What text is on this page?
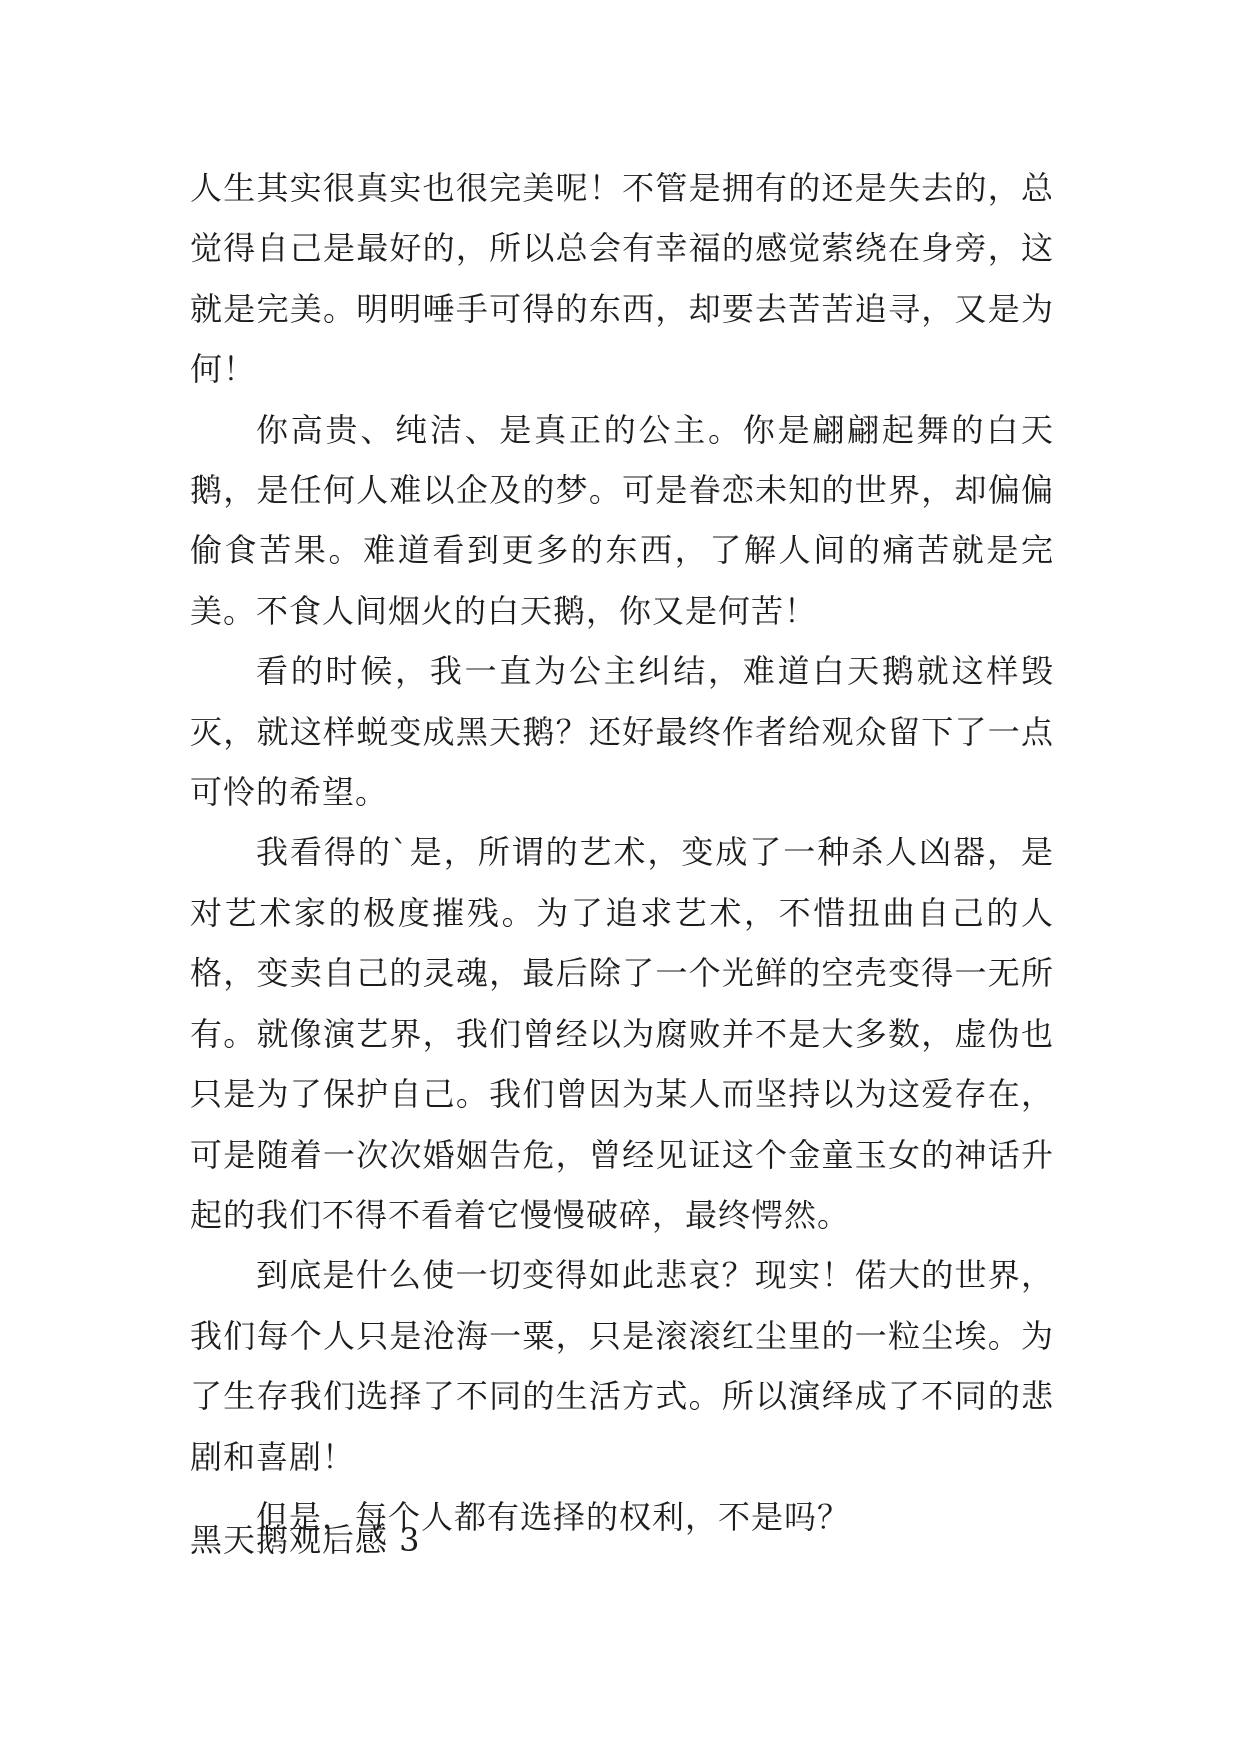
人生其实很真实也很完美呢！不管是拥有的还是失去的，总觉得自己是最好的，所以总会有幸福的感觉萦绕在身旁，这就是完美。明明唾手可得的东西，却要去苦苦追寻，又是为何！

你高贵、纯洁、是真正的公主。你是翩翩起舞的白天鹅，是任何人难以企及的梦。可是眷恋未知的世界，却偏偏偷食苦果。难道看到更多的东西，了解人间的痛苦就是完美。不食人间烟火的白天鹅，你又是何苦！

看的时候，我一直为公主纠结，难道白天鹅就这样毁灭，就这样蜕变成黑天鹅？还好最终作者给观众留下了一点可怜的希望。

我看得的`是，所谓的艺术，变成了一种杀人凶器，是对艺术家的极度摧残。为了追求艺术，不惜扭曲自己的人格，变卖自己的灵魂，最后除了一个光鲜的空壳变得一无所有。就像演艺界，我们曾经以为腐败并不是大多数，虚伪也只是为了保护自己。我们曾因为某人而坚持以为这爱存在，可是随着一次次婚姻告危，曾经见证这个金童玉女的神话升起的我们不得不看着它慢慢破碎，最终愕然。

到底是什么使一切变得如此悲哀？现实！偌大的世界，我们每个人只是沧海一粟，只是滚滚红尘里的一粒尘埃。为了生存我们选择了不同的生活方式。所以演绎成了不同的悲剧和喜剧！

但是，每个人都有选择的权利，不是吗？

黑天鹅观后感 3
